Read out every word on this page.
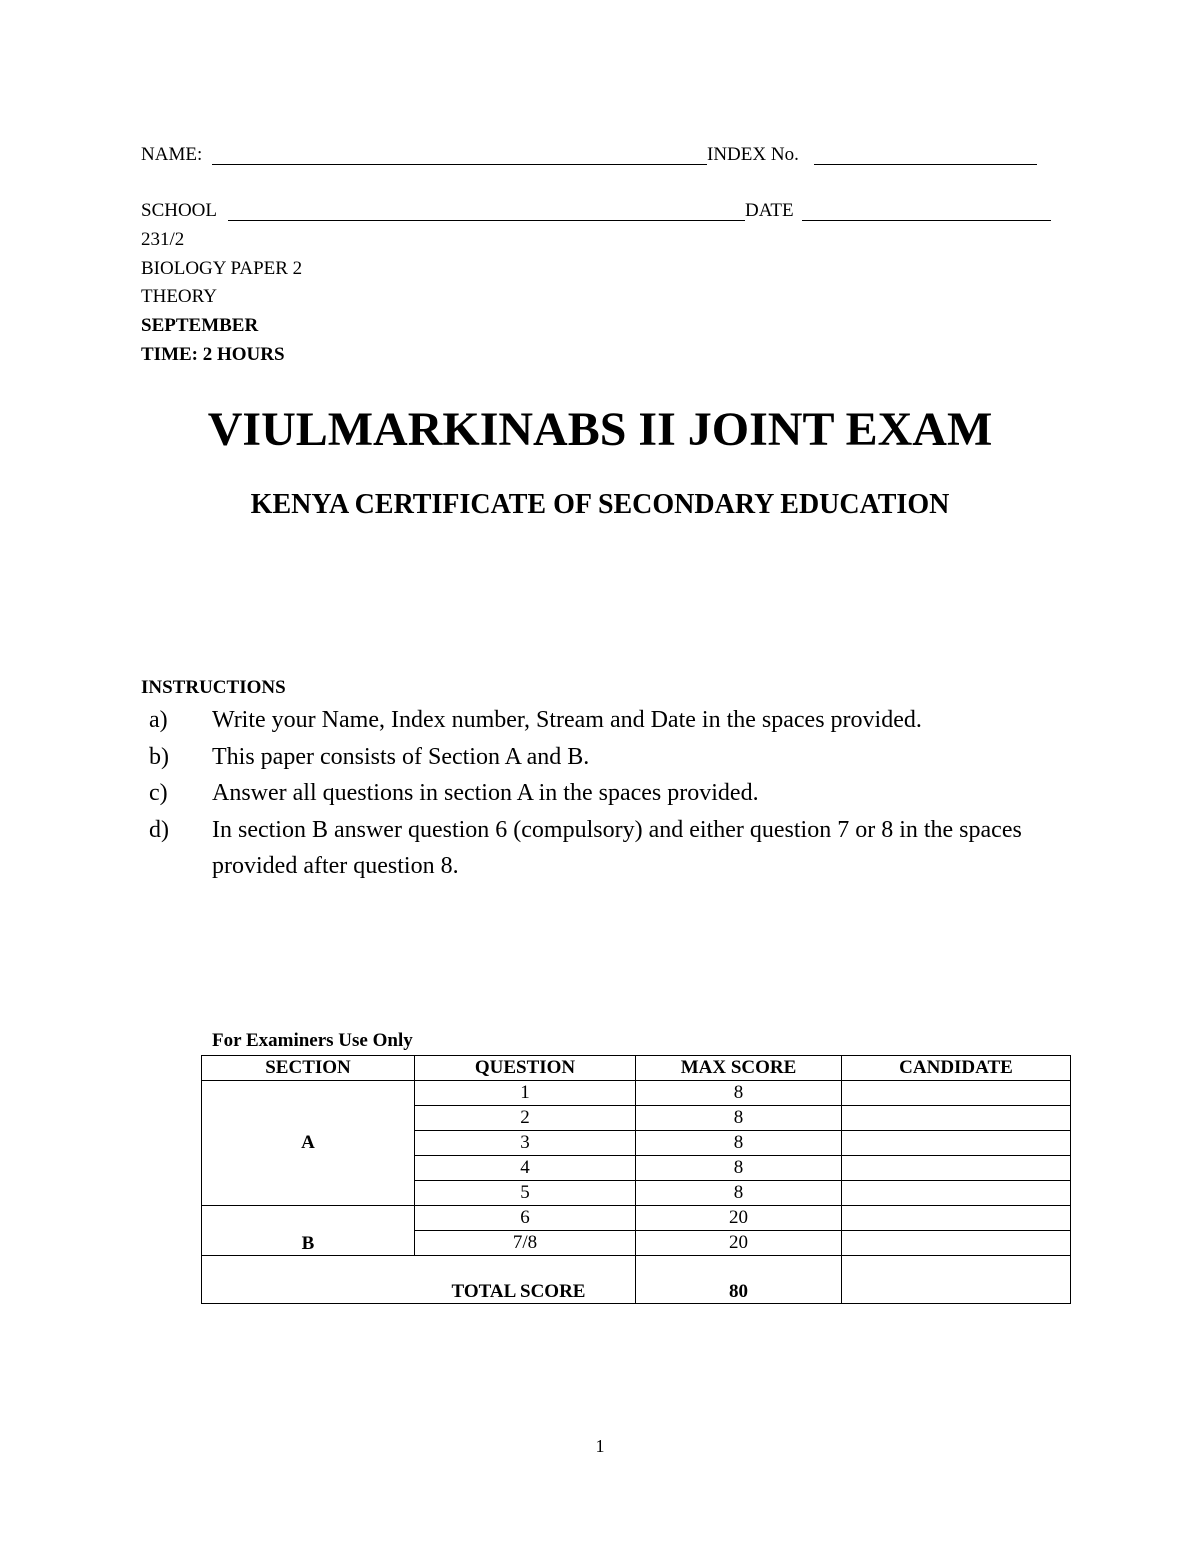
NAME:	INDEX No.
SCHOOL	DATE
231/2
BIOLOGY PAPER 2
THEORY
SEPTEMBER
TIME: 2 HOURS
VIULMARKINABS II JOINT EXAM
KENYA CERTIFICATE OF SECONDARY EDUCATION
INSTRUCTIONS
a)	Write your Name, Index number, Stream and Date in the spaces provided.
b)	This paper consists of Section A and B.
c)	Answer all questions in section A in the spaces provided.
d)	In section B answer question 6 (compulsory) and either question 7 or 8 in the spaces provided after question 8.
For Examiners Use Only
SECTION	QUESTION	MAX SCORE	CANDIDATE
A	1	8	
	2	8	
	3	8	
	4	8	
	5	8	
B	6	20	
	7/8	20	
TOTAL SCORE		80	
1
